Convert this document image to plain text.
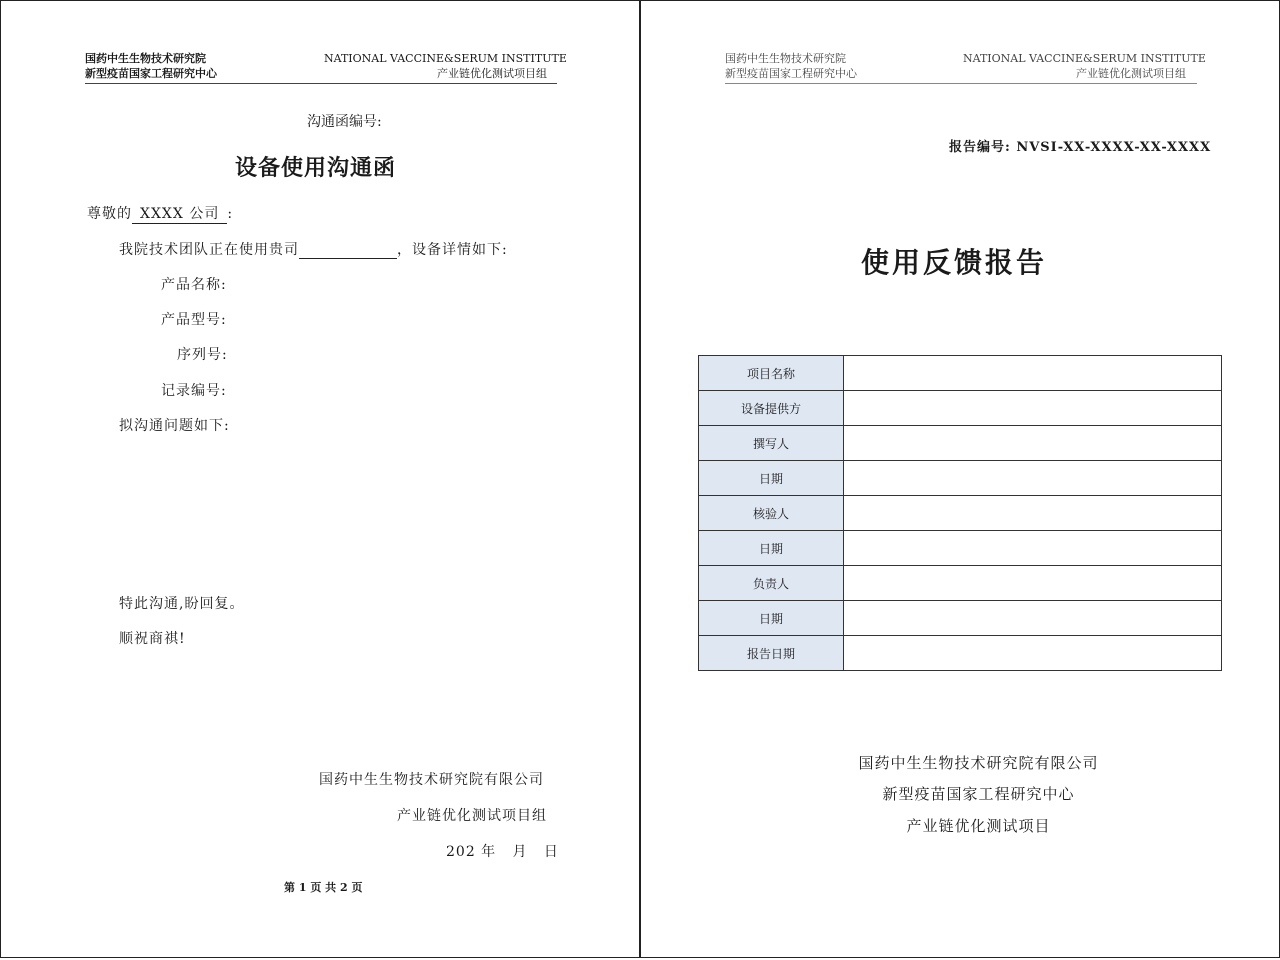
国药中生生物技术研究院
新型疫苗国家工程研究中心
NATIONAL VACCINE&SERUM INSTITUTE
产业链优化测试项目组
沟通函编号:
设备使用沟通函
尊敬的 XXXX 公司 :
我院技术团队正在使用贵司	，设备详情如下:
产品名称:
产品型号:
序列号:
记录编号:
拟沟通问题如下:
特此沟通,盼回复。
顺祝商祺!
国药中生生物技术研究院有限公司
产业链优化测试项目组
202 年   月   日
第 1 页 共 2 页
国药中生生物技术研究院
新型疫苗国家工程研究中心
NATIONAL VACCINE&SERUM INSTITUTE
产业链优化测试项目组
报告编号: NVSI-XX-XXXX-XX-XXXX
使用反馈报告
国药中生生物技术研究院有限公司
新型疫苗国家工程研究中心
产业链优化测试项目
项目名称	
设备提供方	
撰写人	
日期	
核验人	
日期	
负责人	
日期	
报告日期	
